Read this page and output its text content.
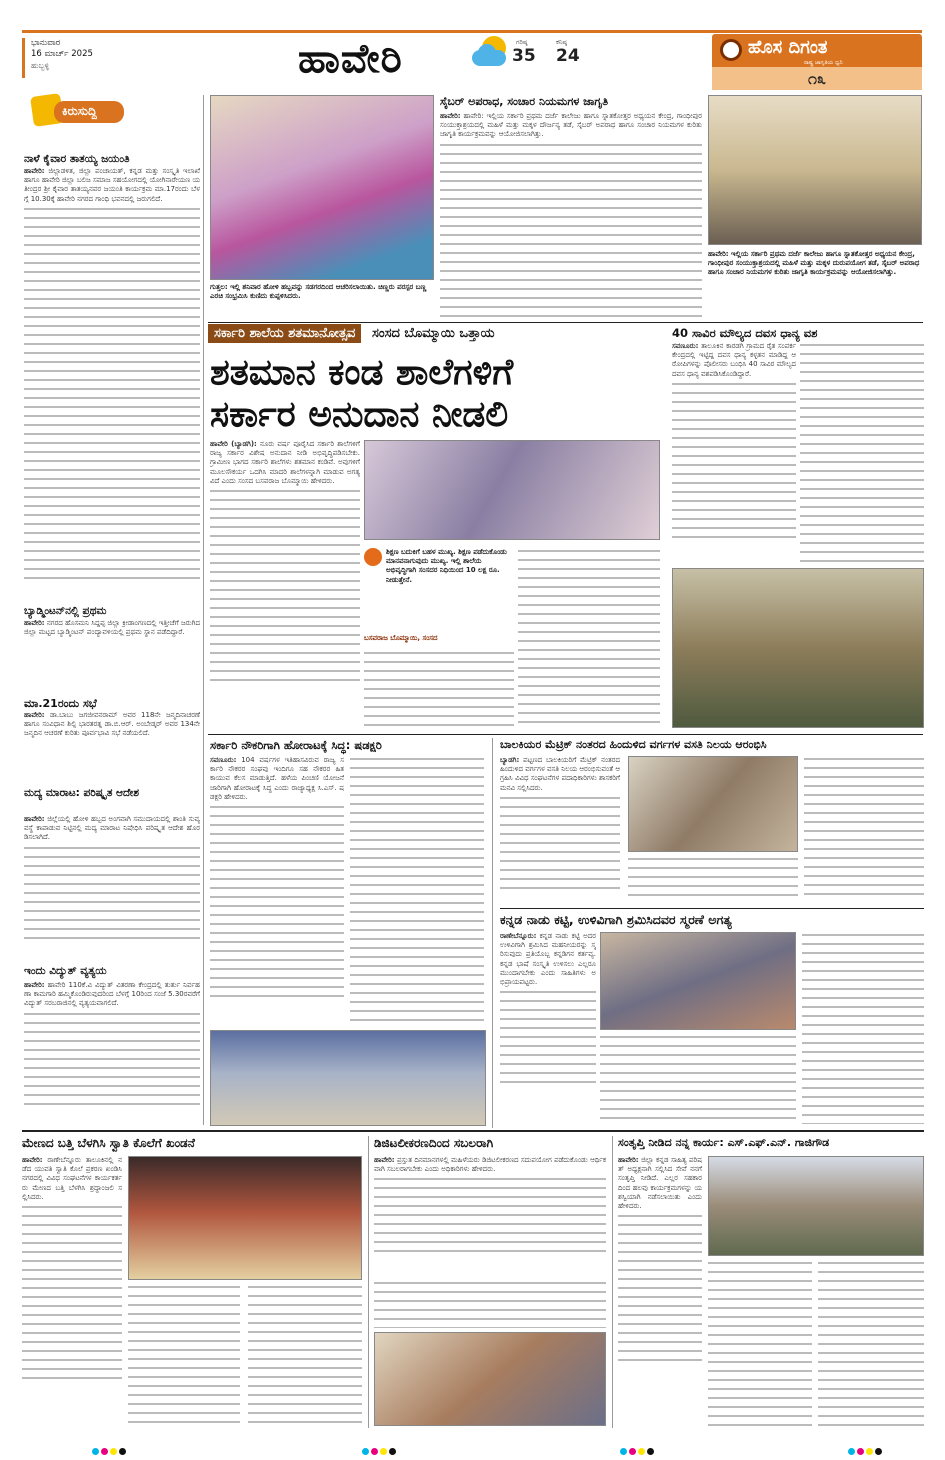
ಭಾನುವಾರ
16 ಮಾರ್ಚ್ 2025
ಹುಬ್ಬಳ್ಳಿ	ಹಾವೇರಿ	ಗರಿಷ್ಠ
35
ಕನಿಷ್ಠ
24	ಹೊಸ ದಿಗಂತ
ರಾಷ್ಟ್ರ ಜಾಗೃತಿಯ ಧ್ವನಿ
೧೩
ಕಿರುಸುದ್ದಿ
ನಾಳೆ ಕೈವಾರ ತಾತಯ್ಯ ಜಯಂತಿ
ಹಾವೇರಿ: ಜಿಲ್ಲಾಡಳಿತ, ಜಿಲ್ಲಾ ಪಂಚಾಯತ್, ಕನ್ನಡ ಮತ್ತು ಸಂಸ್ಕೃತಿ ಇಲಾಖೆ ಹಾಗೂ ಹಾವೇರಿ ಜಿಲ್ಲಾ ಬಲಿಜ ಸಮಾಜ ಸಹಯೋಗದಲ್ಲಿ ಯೋಗಿನಾರೇಯಣ ಯತೀಂದ್ರರ ಶ್ರೀ ಕೈವಾರ ತಾತಯ್ಯನವರ ಜಯಂತಿ ಕಾರ್ಯಕ್ರಮ ಮಾ.17ರಂದು ಬೆಳಗ್ಗೆ 10.30ಕ್ಕೆ ಹಾವೇರಿ ನಗರದ ಗಾಂಧಿ ಭವನದಲ್ಲಿ ಜರುಗಲಿದೆ.
ಬ್ಯಾಡ್ಮಿಂಟನ್‌ನಲ್ಲಿ ಪ್ರಥಮ
ಹಾವೇರಿ: ನಗರದ ಹೊಸಮನಿ ಸಿದ್ದಪ್ಪ ಜಿಲ್ಲಾ ಕ್ರೀಡಾಂಗಣದಲ್ಲಿ ಇತ್ತೀಚೆಗೆ ಜರುಗಿದ ಜಿಲ್ಲಾ ಮಟ್ಟದ ಬ್ಯಾಡ್ಮಿಂಟನ್ ಪಂದ್ಯಾವಳಿಯಲ್ಲಿ ಪ್ರಥಮ ಸ್ಥಾನ ಪಡೆದಿದ್ದಾರೆ.
ಮಾ.21ರಂದು ಸಭೆ
ಹಾವೇರಿ: ಡಾ.ಬಾಬು ಜಗಜೀವನರಾಮ್ ಅವರ 118ನೇ ಜನ್ಮದಿನಾಚರಣೆ ಹಾಗೂ ಸಂವಿಧಾನ ಶಿಲ್ಪಿ ಭಾರತರತ್ನ ಡಾ.ಬಿ.ಆರ್. ಅಂಬೇಡ್ಕರ್ ಅವರ 134ನೇ ಜನ್ಮದಿನ ಆಚರಣೆ ಕುರಿತು ಪೂರ್ವಭಾವಿ ಸಭೆ ನಡೆಯಲಿದೆ.
ಮದ್ಯ ಮಾರಾಟ: ಪರಿಷ್ಕೃತ ಆದೇಶ
ಹಾವೇರಿ: ಜಿಲ್ಲೆಯಲ್ಲಿ ಹೋಳಿ ಹಬ್ಬದ ಅಂಗವಾಗಿ ಸಮುದಾಯದಲ್ಲಿ ಶಾಂತಿ ಸುವ್ಯವಸ್ಥೆ ಕಾಪಾಡುವ ನಿಟ್ಟಿನಲ್ಲಿ ಮದ್ಯ ಮಾರಾಟ ನಿಷೇಧಿಸಿ ಪರಿಷ್ಕೃತ ಆದೇಶ ಹೊರಡಿಸಲಾಗಿದೆ.
ಇಂದು ವಿದ್ಯುತ್ ವ್ಯತ್ಯಯ
ಹಾವೇರಿ: ಹಾವೇರಿ 110ಕೆ.ವಿ ವಿದ್ಯುತ್ ವಿತರಣಾ ಕೇಂದ್ರದಲ್ಲಿ ತುರ್ತು ನಿರ್ವಹಣಾ ಕಾಮಗಾರಿ ಹಮ್ಮಿಕೊಂಡಿರುವುದರಿಂದ ಬೆಳಗ್ಗೆ 10ರಿಂದ ಸಂಜೆ 5.30ರವರೆಗೆ ವಿದ್ಯುತ್ ಸರಬರಾಜಿನಲ್ಲಿ ವ್ಯತ್ಯಯವಾಗಲಿದೆ.
ಗುತ್ತಲ: ಇಲ್ಲಿ ಶನಿವಾರ ಹೋಳಿ ಹಬ್ಬವನ್ನು ಸಡಗರದಿಂದ ಆಚರಿಸಲಾಯಿತು. ಚಿಣ್ಣರು ಪರಸ್ಪರ ಬಣ್ಣ ಎರಚಿ ಸಂಭ್ರಮಿಸಿ ಕುಣಿದು ಕುಪ್ಪಳಿಸಿದರು.
ಸೈಬರ್ ಅಪರಾಧ, ಸಂಚಾರ ನಿಯಮಗಳ ಜಾಗೃತಿ
ಹಾವೇರಿ: ಹಾವೇರಿ: ಇಲ್ಲಿಯ ಸರ್ಕಾರಿ ಪ್ರಥಮ ದರ್ಜೆ ಕಾಲೇಜು ಹಾಗೂ ಸ್ನಾತಕೋತ್ತರ ಅಧ್ಯಯನ ಕೇಂದ್ರ, ಗಾಂಧೀಪುರ ಸಂಯುಕ್ತಾಶ್ರಯದಲ್ಲಿ ಮಹಿಳೆ ಮತ್ತು ಮಕ್ಕಳ ದೌರ್ಜನ್ಯ ತಡೆ, ಸೈಬರ್ ಅಪರಾಧ ಹಾಗೂ ಸಂಚಾರ ನಿಯಮಗಳ ಕುರಿತು ಜಾಗೃತಿ ಕಾರ್ಯಕ್ರಮವನ್ನು ಆಯೋಜಿಸಲಾಗಿತ್ತು.
ಹಾವೇರಿ: ಇಲ್ಲಿಯ ಸರ್ಕಾರಿ ಪ್ರಥಮ ದರ್ಜೆ ಕಾಲೇಜು ಹಾಗೂ ಸ್ನಾತಕೋತ್ತರ ಅಧ್ಯಯನ ಕೇಂದ್ರ, ಗಾಂಧೀಪುರ ಸಂಯುಕ್ತಾಶ್ರಯದಲ್ಲಿ ಮಹಿಳೆ ಮತ್ತು ಮಕ್ಕಳ ದುರುಪಯೋಗ ತಡೆ, ಸೈಬರ್ ಅಪರಾಧ ಹಾಗೂ ಸಂಚಾರ ನಿಯಮಗಳ ಕುರಿತು ಜಾಗೃತಿ ಕಾರ್ಯಕ್ರಮವನ್ನು ಆಯೋಜಿಸಲಾಗಿತ್ತು.
ಸರ್ಕಾರಿ ಶಾಲೆಯ ಶತಮಾನೋತ್ಸವ ಸಂಸದ ಬೊಮ್ಮಾಯಿ ಒತ್ತಾಯ
ಶತಮಾನ ಕಂಡ ಶಾಲೆಗಳಿಗೆ
ಸರ್ಕಾರ ಅನುದಾನ ನೀಡಲಿ
ಹಾವೇರಿ (ಬ್ಯಾಡಗಿ): ನೂರು ವರ್ಷ ಪೂರೈಸಿದ ಸರ್ಕಾರಿ ಶಾಲೆಗಳಿಗೆ ರಾಜ್ಯ ಸರ್ಕಾರ ವಿಶೇಷ ಅನುದಾನ ನೀಡಿ ಅಭಿವೃದ್ಧಿಪಡಿಸಬೇಕು. ಗ್ರಾಮೀಣ ಭಾಗದ ಸರ್ಕಾರಿ ಶಾಲೆಗಳು ಶತಮಾನ ಕಂಡಿವೆ. ಅವುಗಳಿಗೆ ಮೂಲಸೌಕರ್ಯ ಒದಗಿಸಿ ಮಾದರಿ ಶಾಲೆಗಳನ್ನಾಗಿ ಮಾಡುವ ಅಗತ್ಯವಿದೆ ಎಂದು ಸಂಸದ ಬಸವರಾಜ ಬೊಮ್ಮಾಯಿ ಹೇಳಿದರು.
ಶಿಕ್ಷಣ ಬದುಕಿಗೆ ಬಹಳ ಮುಖ್ಯ. ಶಿಕ್ಷಣ ಪಡೆದುಕೊಂಡು ಮಾನವನಾಗುವುದು ಮುಖ್ಯ. ಇಲ್ಲಿ ಶಾಲೆಯ ಅಭಿವೃದ್ಧಿಗಾಗಿ ಸಂಸದರ ನಿಧಿಯಿಂದ 10 ಲಕ್ಷ ರೂ. ನೀಡುತ್ತೇನೆ.
ಬಸವರಾಜ ಬೊಮ್ಮಾಯಿ, ಸಂಸದ
40 ಸಾವಿರ ಮೌಲ್ಯದ ದವಸ ಧಾನ್ಯ ವಶ
ಸವಣೂರು: ತಾಲೂಕಿನ ಕಾರಡಗಿ ಗ್ರಾಮದ ರೈತ ಸಂಪರ್ಕ ಕೇಂದ್ರದಲ್ಲಿ ಇಟ್ಟಿದ್ದ ದವಸ ಧಾನ್ಯ ಕಳ್ಳತನ ಮಾಡಿದ್ದ ಆರೋಪಿಗಳನ್ನು ಪೊಲೀಸರು ಬಂಧಿಸಿ 40 ಸಾವಿರ ಮೌಲ್ಯದ ದವಸ ಧಾನ್ಯ ವಶಪಡಿಸಿಕೊಂಡಿದ್ದಾರೆ.
ಸರ್ಕಾರಿ ನೌಕರಿಗಾಗಿ ಹೋರಾಟಕ್ಕೆ ಸಿದ್ಧ: ಷಡಕ್ಷರಿ
ಸವಣೂರು: 104 ವರ್ಷಗಳ ಇತಿಹಾಸವಿರುವ ರಾಜ್ಯ ಸರ್ಕಾರಿ ನೌಕರರ ಸಂಘವು ಇಂದಿಗೂ ಸಹ ನೌಕರರ ಹಿತ ಕಾಯುವ ಕೆಲಸ ಮಾಡುತ್ತಿದೆ. ಹಳೆಯ ಪಿಂಚಣಿ ಯೋಜನೆ ಜಾರಿಗಾಗಿ ಹೋರಾಟಕ್ಕೆ ಸಿದ್ಧ ಎಂದು ರಾಜ್ಯಾಧ್ಯಕ್ಷ ಸಿ.ಎಸ್. ಷಡಕ್ಷರಿ ಹೇಳಿದರು.
ಬಾಲಕಿಯರ ಮೆಟ್ರಿಕ್ ನಂತರದ ಹಿಂದುಳಿದ ವರ್ಗಗಳ ವಸತಿ ನಿಲಯ ಆರಂಭಿಸಿ
ಬ್ಯಾಡಗಿ: ಪಟ್ಟಣದ ಬಾಲಕಿಯರಿಗೆ ಮೆಟ್ರಿಕ್ ನಂತರದ ಹಿಂದುಳಿದ ವರ್ಗಗಳ ವಸತಿ ನಿಲಯ ಆರಂಭಿಸುವಂತೆ ಆಗ್ರಹಿಸಿ ವಿವಿಧ ಸಂಘಟನೆಗಳ ಪದಾಧಿಕಾರಿಗಳು ಶಾಸಕರಿಗೆ ಮನವಿ ಸಲ್ಲಿಸಿದರು.
ಕನ್ನಡ ನಾಡು ಕಟ್ಟಿ, ಉಳಿವಿಗಾಗಿ ಶ್ರಮಿಸಿದವರ ಸ್ಮರಣೆ ಅಗತ್ಯ
ರಾಣೇಬೆನ್ನೂರು: ಕನ್ನಡ ನಾಡು ಕಟ್ಟಿ ಅದರ ಉಳಿವಿಗಾಗಿ ಶ್ರಮಿಸಿದ ಮಹನೀಯರನ್ನು ಸ್ಮರಿಸುವುದು ಪ್ರತಿಯೊಬ್ಬ ಕನ್ನಡಿಗನ ಕರ್ತವ್ಯ. ಕನ್ನಡ ಭಾಷೆ ಸಂಸ್ಕೃತಿ ಉಳಿಸಲು ಎಲ್ಲರೂ ಮುಂದಾಗಬೇಕು ಎಂದು ಸಾಹಿತಿಗಳು ಅಭಿಪ್ರಾಯಪಟ್ಟರು.
ಮೇಣದ ಬತ್ತಿ ಬೆಳಗಿಸಿ ಸ್ವಾತಿ ಕೊಲೆಗೆ ಖಂಡನೆ
ಹಾವೇರಿ: ರಾಣೇಬೆನ್ನೂರು ತಾಲೂಕಿನಲ್ಲಿ ನಡೆದ ಯುವತಿ ಸ್ವಾತಿ ಕೊಲೆ ಪ್ರಕರಣ ಖಂಡಿಸಿ ನಗರದಲ್ಲಿ ವಿವಿಧ ಸಂಘಟನೆಗಳ ಕಾರ್ಯಕರ್ತರು ಮೇಣದ ಬತ್ತಿ ಬೆಳಗಿಸಿ ಶ್ರದ್ಧಾಂಜಲಿ ಸಲ್ಲಿಸಿದರು.
ಡಿಜಿಟಲೀಕರಣದಿಂದ ಸಬಲರಾಗಿ
ಹಾವೇರಿ: ಪ್ರಸ್ತುತ ದಿನಮಾನಗಳಲ್ಲಿ ಮಹಿಳೆಯರು ಡಿಜಿಟಲೀಕರಣದ ಸದುಪಯೋಗ ಪಡೆದುಕೊಂಡು ಆರ್ಥಿಕವಾಗಿ ಸಬಲರಾಗಬೇಕು ಎಂದು ಅಧಿಕಾರಿಗಳು ಹೇಳಿದರು.
ಸಂತೃಪ್ತಿ ನೀಡಿದ ನನ್ನ ಕಾರ್ಯ: ಎಸ್.ಎಫ್.ಎನ್. ಗಾಜಿಗೌಡ
ಹಾವೇರಿ: ಜಿಲ್ಲಾ ಕನ್ನಡ ಸಾಹಿತ್ಯ ಪರಿಷತ್ ಅಧ್ಯಕ್ಷನಾಗಿ ಸಲ್ಲಿಸಿದ ಸೇವೆ ನನಗೆ ಸಂತೃಪ್ತಿ ನೀಡಿದೆ. ಎಲ್ಲರ ಸಹಕಾರದಿಂದ ಹಲವು ಕಾರ್ಯಕ್ರಮಗಳನ್ನು ಯಶಸ್ವಿಯಾಗಿ ನಡೆಸಲಾಯಿತು ಎಂದು ಹೇಳಿದರು.
